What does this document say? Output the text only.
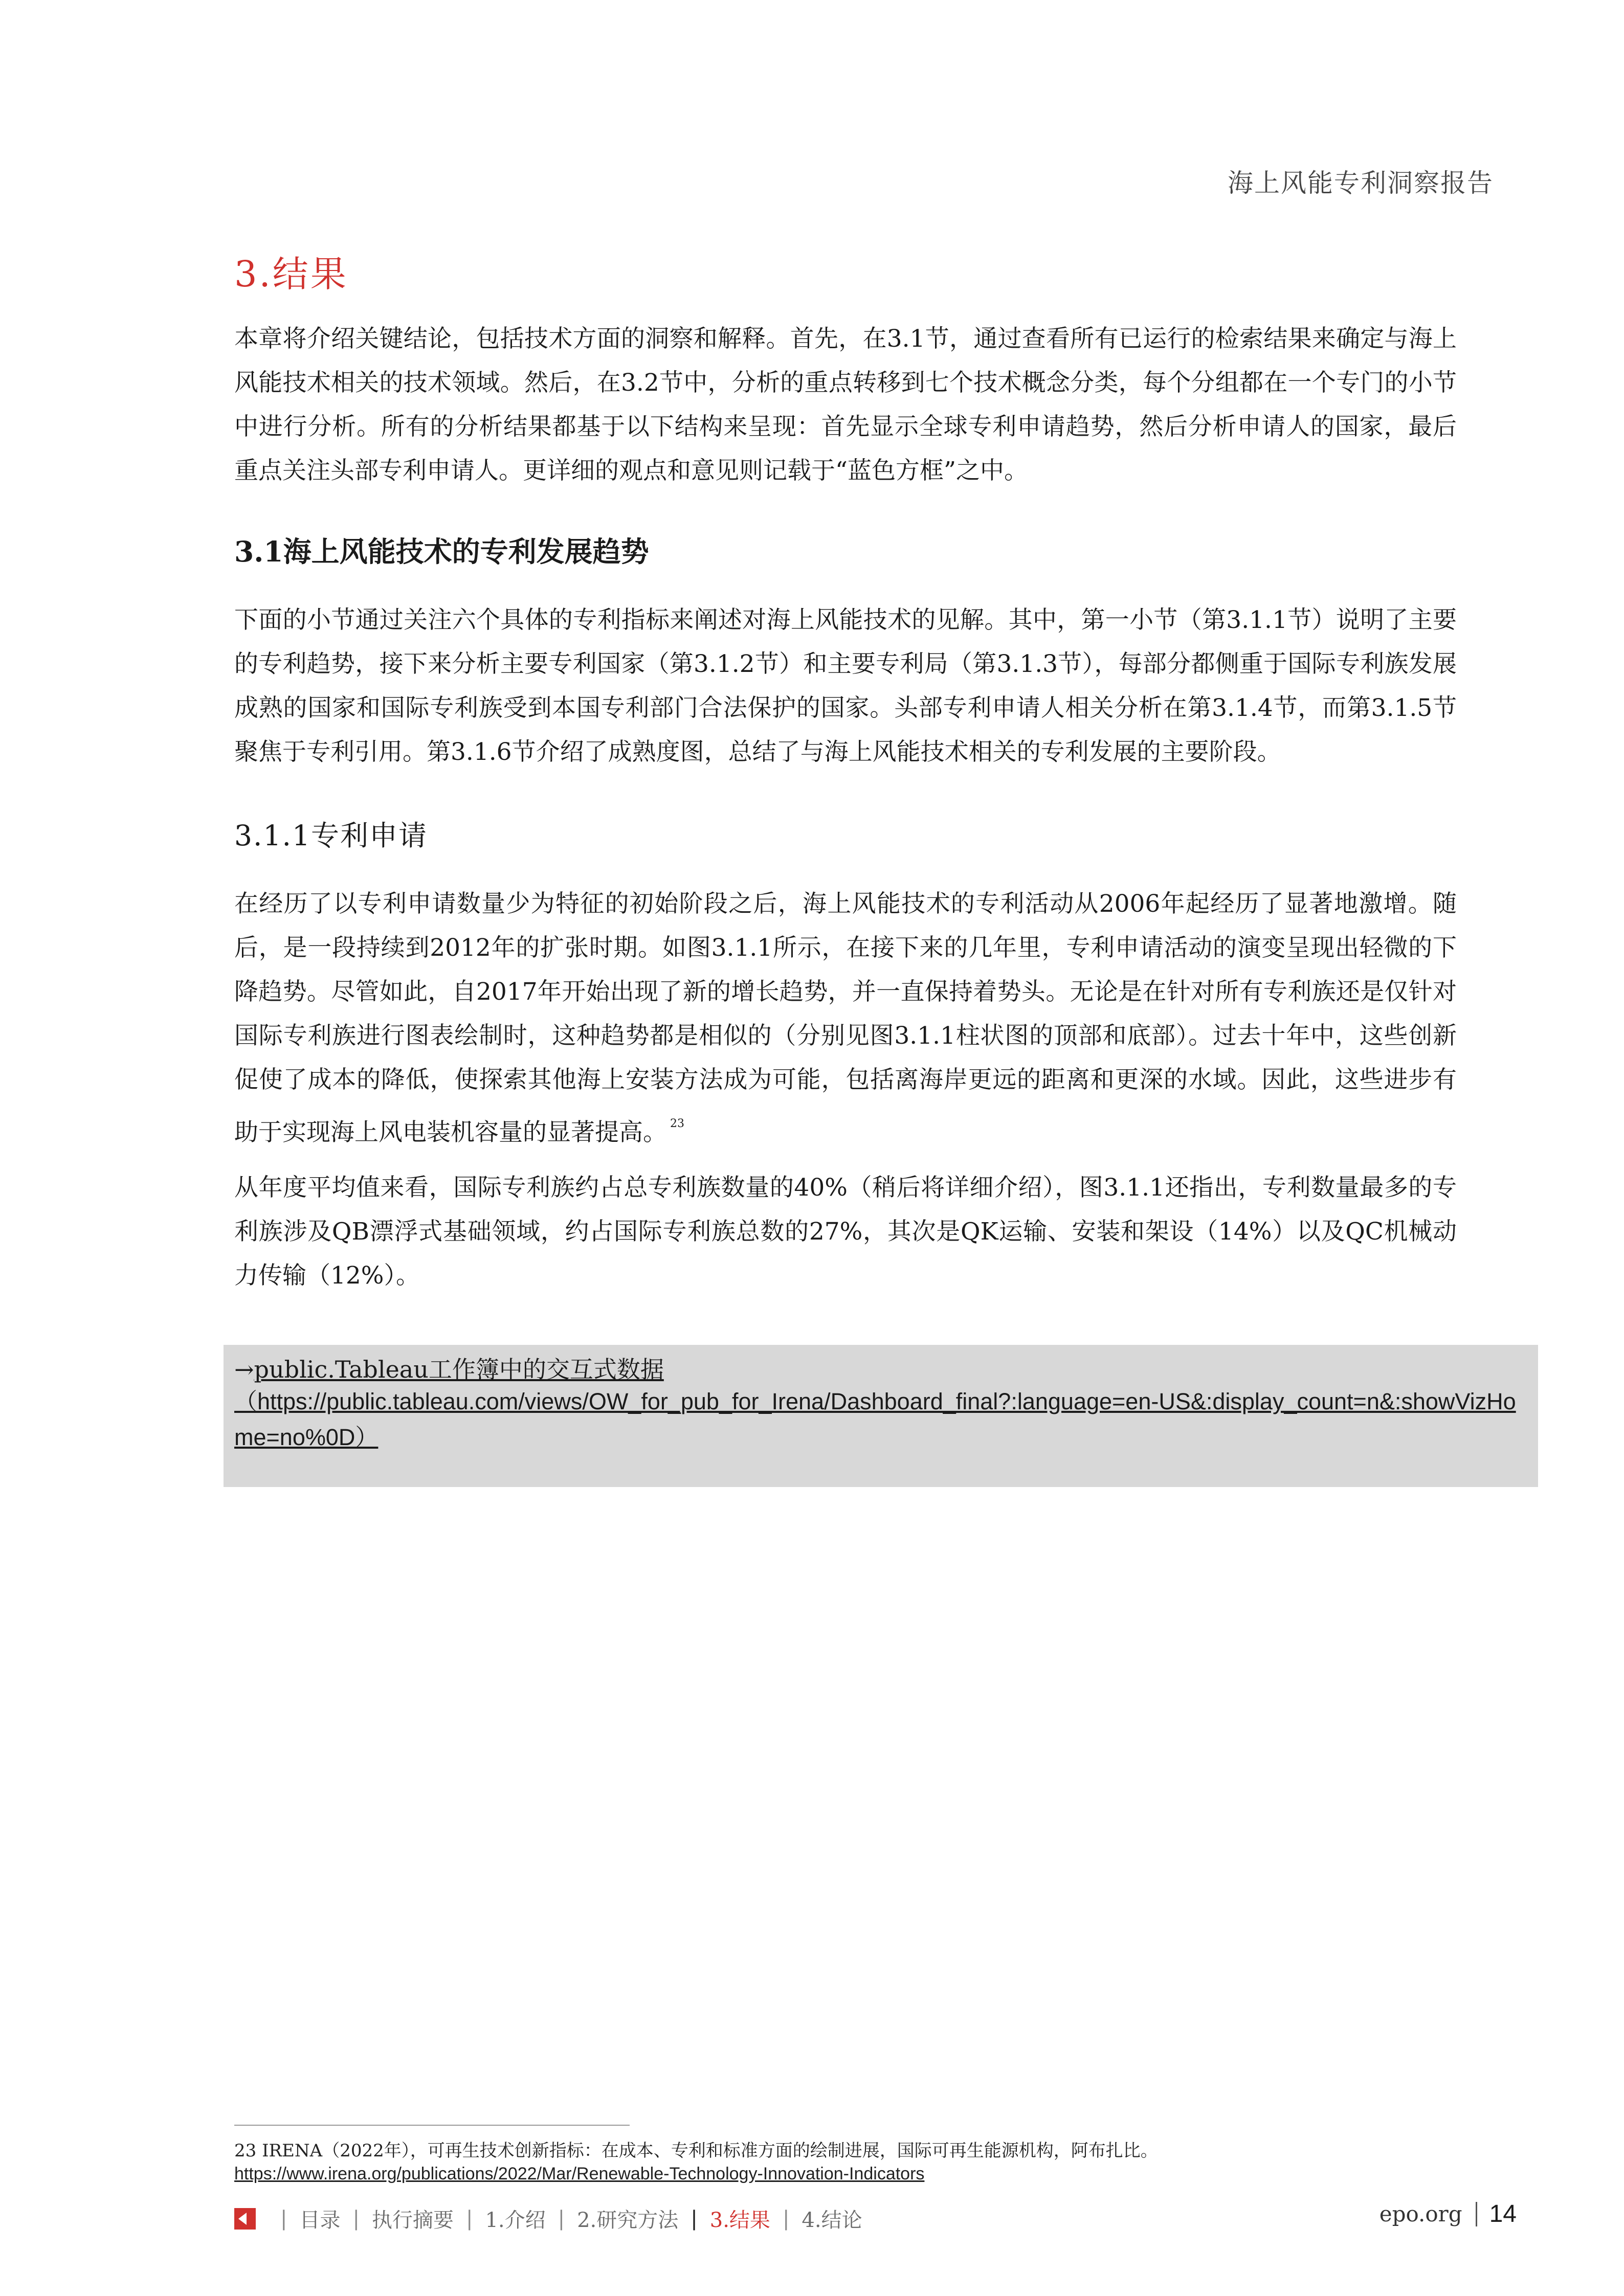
海上风能专利洞察报告
3.结果

本章将介绍关键结论，包括技术方面的洞察和解释。首先，在3.1节，通过查看所有已运行的检索结果来确定与海上风能技术相关的技术领域。然后，在3.2节中，分析的重点转移到七个技术概念分类，每个分组都在一个专门的小节中进行分析。所有的分析结果都基于以下结构来呈现：首先显示全球专利申请趋势，然后分析申请人的国家，最后重点关注头部专利申请人。更详细的观点和意见则记载于“蓝色方框”之中。

3.1海上风能技术的专利发展趋势

下面的小节通过关注六个具体的专利指标来阐述对海上风能技术的见解。其中，第一小节（第3.1.1节）说明了主要的专利趋势，接下来分析主要专利国家（第3.1.2节）和主要专利局（第3.1.3节），每部分都侧重于国际专利族发展成熟的国家和国际专利族受到本国专利部门合法保护的国家。头部专利申请人相关分析在第3.1.4节，而第3.1.5节聚焦于专利引用。第3.1.6节介绍了成熟度图，总结了与海上风能技术相关的专利发展的主要阶段。

3.1.1专利申请

在经历了以专利申请数量少为特征的初始阶段之后，海上风能技术的专利活动从2006年起经历了显著地激增。随后，是一段持续到2012年的扩张时期。如图3.1.1所示，在接下来的几年里，专利申请活动的演变呈现出轻微的下降趋势。尽管如此，自2017年开始出现了新的增长趋势，并一直保持着势头。无论是在针对所有专利族还是仅针对国际专利族进行图表绘制时，这种趋势都是相似的（分别见图3.1.1柱状图的顶部和底部）。过去十年中，这些创新促使了成本的降低，使探索其他海上安装方法成为可能，包括离海岸更远的距离和更深的水域。因此，这些进步有助于实现海上风电装机容量的显著提高。 $^{23}$

从年度平均值来看，国际专利族约占总专利族数量的40%（稍后将详细介绍），图3.1.1还指出，专利数量最多的专利族涉及QB漂浮式基础领域，约占国际专利族总数的27%，其次是QK运输、安装和架设（14%）以及QC机械动力传输（12%）。

→public.Tableau工作簿中的交互式数据
（https://public.tableau.com/views/OW_for_pub_for_Irena/Dashboard_final?:language=en-US&:display_count=n&:showVizHome=no%0D）
23 IRENA（2022年），可再生技术创新指标：在成本、专利和标准方面的绘制进展，国际可再生能源机构，阿布扎比。
https://www.irena.org/publications/2022/Mar/Renewable-Technology-Innovation-Indicators
| 目录 | 执行摘要 | 1.介绍 | 2.研究方法 | 3.结果 | 4.结论	epo.org 14
